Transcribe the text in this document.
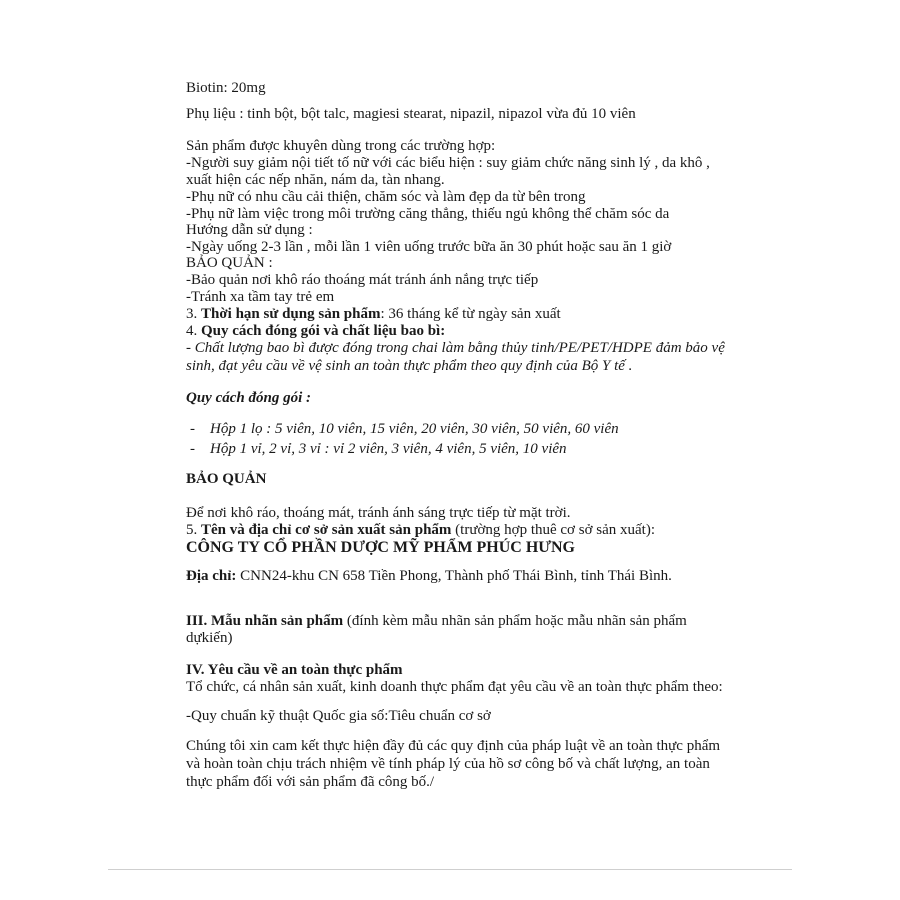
Biotin: 20mg
Phụ liệu : tinh bột, bột talc, magiesi stearat, nipazil, nipazol vừa đủ 10 viên
Sản phẩm được khuyên dùng trong các trường hợp:
-Người suy giảm nội tiết tố nữ với các biểu hiện : suy giảm chức năng sinh lý , da khô ,
xuất hiện các nếp nhăn, nám da, tàn nhang.
-Phụ nữ có nhu cầu cải thiện, chăm sóc và làm đẹp da từ bên trong
-Phụ nữ làm việc trong môi trường căng thẳng, thiếu ngủ không thể chăm sóc da
Hướng dẫn sử dụng :
-Ngày uống 2-3 lần , mỗi lần 1 viên uống trước bữa ăn 30 phút hoặc sau ăn 1 giờ
BẢO QUẢN :
-Bảo quản nơi khô ráo thoáng mát tránh ánh nắng trực tiếp
-Tránh xa tầm tay trẻ em
3. Thời hạn sử dụng sản phẩm: 36 tháng kể từ ngày sản xuất
4. Quy cách đóng gói và chất liệu bao bì:
- Chất lượng bao bì được đóng trong chai làm bằng thủy tinh/PE/PET/HDPE đảm bảo vệ
sinh, đạt yêu cầu về vệ sinh an toàn thực phẩm theo quy định của Bộ Y tế .
Quy cách đóng gói :
- Hộp 1 lọ : 5 viên, 10 viên, 15 viên, 20 viên, 30 viên, 50 viên, 60 viên
- Hộp 1 vỉ, 2 vỉ, 3 vỉ : vỉ 2 viên, 3 viên, 4 viên, 5 viên, 10 viên
BẢO QUẢN
Để nơi khô ráo, thoáng mát, tránh ánh sáng trực tiếp từ mặt trời.
5. Tên và địa chỉ cơ sở sản xuất sản phẩm (trường hợp thuê cơ sở sản xuất):
CÔNG TY CỔ PHẦN DƯỢC MỸ PHẨM PHÚC HƯNG
Địa chỉ: CNN24-khu CN 658 Tiền Phong, Thành phố Thái Bình, tỉnh Thái Bình.
III. Mẫu nhãn sản phẩm (đính kèm mẫu nhãn sản phẩm hoặc mẫu nhãn sản phẩm
dựkiến)
IV. Yêu cầu về an toàn thực phẩm
Tổ chức, cá nhân sản xuất, kinh doanh thực phẩm đạt yêu cầu về an toàn thực phẩm theo:
-Quy chuẩn kỹ thuật Quốc gia số:Tiêu chuẩn cơ sở
Chúng tôi xin cam kết thực hiện đầy đủ các quy định của pháp luật về an toàn thực phẩm
và hoàn toàn chịu trách nhiệm về tính pháp lý của hồ sơ công bố và chất lượng, an toàn
thực phẩm đối với sản phẩm đã công bố./
